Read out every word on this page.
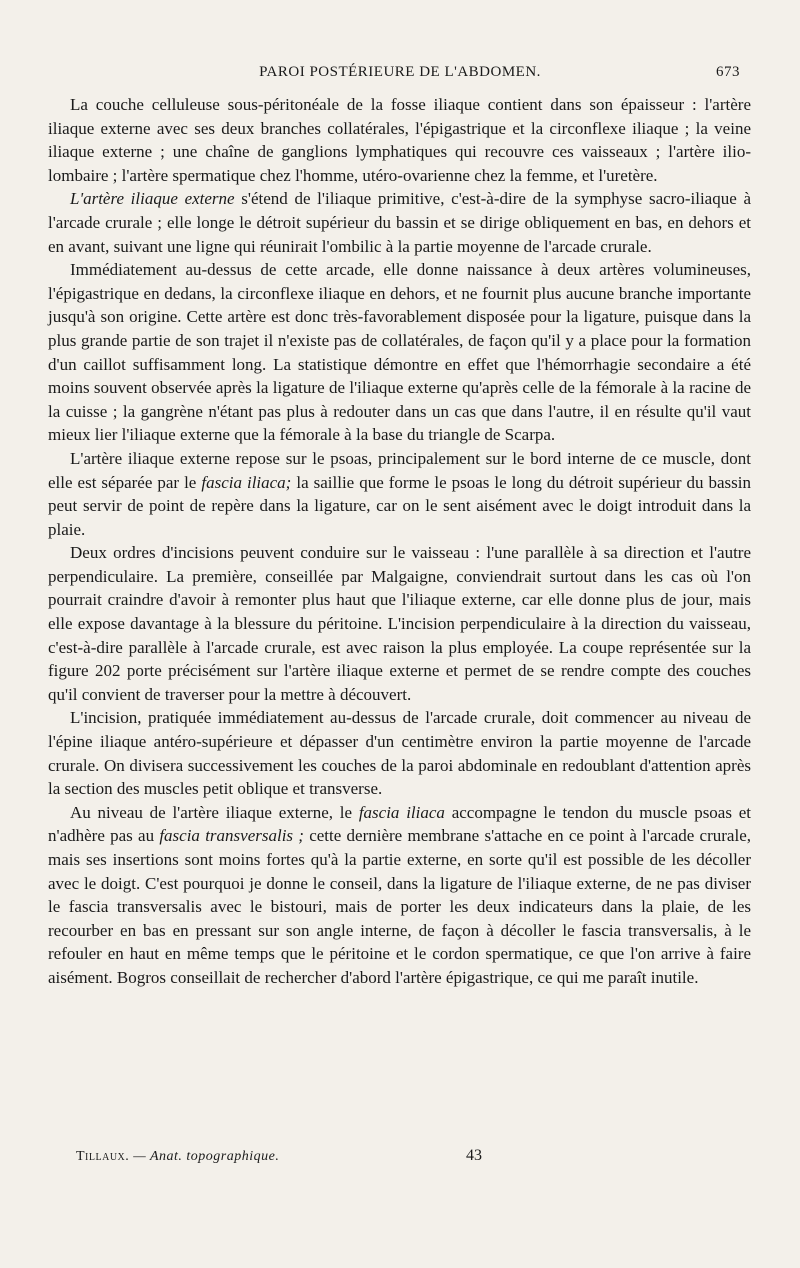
PAROI POSTÉRIEURE DE L'ABDOMEN.	673

La couche celluleuse sous-péritonéale de la fosse iliaque contient dans son épaisseur : l'artère iliaque externe avec ses deux branches collatérales, l'épigastrique et la circonflexe iliaque ; la veine iliaque externe ; une chaîne de ganglions lymphatiques qui recouvre ces vaisseaux ; l'artère ilio-lombaire ; l'artère spermatique chez l'homme, utéro-ovarienne chez la femme, et l'uretère.

L'artère iliaque externe s'étend de l'iliaque primitive, c'est-à-dire de la symphyse sacro-iliaque à l'arcade crurale ; elle longe le détroit supérieur du bassin et se dirige obliquement en bas, en dehors et en avant, suivant une ligne qui réunirait l'ombilic à la partie moyenne de l'arcade crurale.

Immédiatement au-dessus de cette arcade, elle donne naissance à deux artères volumineuses, l'épigastrique en dedans, la circonflexe iliaque en dehors, et ne fournit plus aucune branche importante jusqu'à son origine. Cette artère est donc très-favorablement disposée pour la ligature, puisque dans la plus grande partie de son trajet il n'existe pas de collatérales, de façon qu'il y a place pour la formation d'un caillot suffisamment long. La statistique démontre en effet que l'hémorrhagie secondaire a été moins souvent observée après la ligature de l'iliaque externe qu'après celle de la fémorale à la racine de la cuisse ; la gangrène n'étant pas plus à redouter dans un cas que dans l'autre, il en résulte qu'il vaut mieux lier l'iliaque externe que la fémorale à la base du triangle de Scarpa.

L'artère iliaque externe repose sur le psoas, principalement sur le bord interne de ce muscle, dont elle est séparée par le fascia iliaca; la saillie que forme le psoas le long du détroit supérieur du bassin peut servir de point de repère dans la ligature, car on le sent aisément avec le doigt introduit dans la plaie.

Deux ordres d'incisions peuvent conduire sur le vaisseau : l'une parallèle à sa direction et l'autre perpendiculaire. La première, conseillée par Malgaigne, conviendrait surtout dans les cas où l'on pourrait craindre d'avoir à remonter plus haut que l'iliaque externe, car elle donne plus de jour, mais elle expose davantage à la blessure du péritoine. L'incision perpendiculaire à la direction du vaisseau, c'est-à-dire parallèle à l'arcade crurale, est avec raison la plus employée. La coupe représentée sur la figure 202 porte précisément sur l'artère iliaque externe et permet de se rendre compte des couches qu'il convient de traverser pour la mettre à découvert.

L'incision, pratiquée immédiatement au-dessus de l'arcade crurale, doit commencer au niveau de l'épine iliaque antéro-supérieure et dépasser d'un centimètre environ la partie moyenne de l'arcade crurale. On divisera successivement les couches de la paroi abdominale en redoublant d'attention après la section des muscles petit oblique et transverse.

Au niveau de l'artère iliaque externe, le fascia iliaca accompagne le tendon du muscle psoas et n'adhère pas au fascia transversalis ; cette dernière membrane s'attache en ce point à l'arcade crurale, mais ses insertions sont moins fortes qu'à la partie externe, en sorte qu'il est possible de les décoller avec le doigt. C'est pourquoi je donne le conseil, dans la ligature de l'iliaque externe, de ne pas diviser le fascia transversalis avec le bistouri, mais de porter les deux indicateurs dans la plaie, de les recourber en bas en pressant sur son angle interne, de façon à décoller le fascia transversalis, à le refouler en haut en même temps que le péritoine et le cordon spermatique, ce que l'on arrive à faire aisément. Bogros conseillait de rechercher d'abord l'artère épigastrique, ce qui me paraît inutile.

Tillaux. — Anat. topographique.	43
